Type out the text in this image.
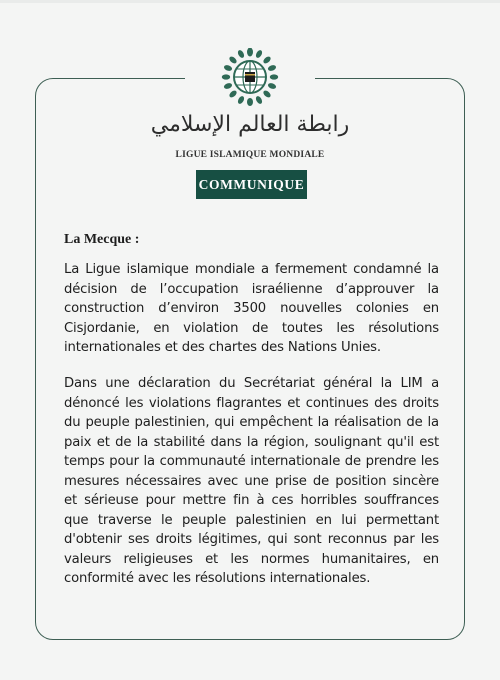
رابطة العالم الإسلامي
LIGUE ISLAMIQUE MONDIALE
COMMUNIQUE
La Mecque :

La Ligue islamique mondiale a fermement condamné la décision de l’occupation israélienne d’approuver la construction d’environ 3500 nouvelles colonies en Cisjordanie, en violation de toutes les résolutions internationales et des chartes des Nations Unies.

Dans une déclaration du Secrétariat général la LIM a dénoncé les violations flagrantes et continues des droits du peuple palestinien, qui empêchent la réalisation de la paix et de la stabilité dans la région, soulignant qu'il est temps pour la communauté internationale de prendre les mesures nécessaires avec une prise de position sincère et sérieuse pour mettre fin à ces horribles souffrances que traverse le peuple palestinien en lui permettant d'obtenir ses droits légitimes, qui sont reconnus par les valeurs religieuses et les normes humanitaires, en conformité avec les résolutions internationales.
